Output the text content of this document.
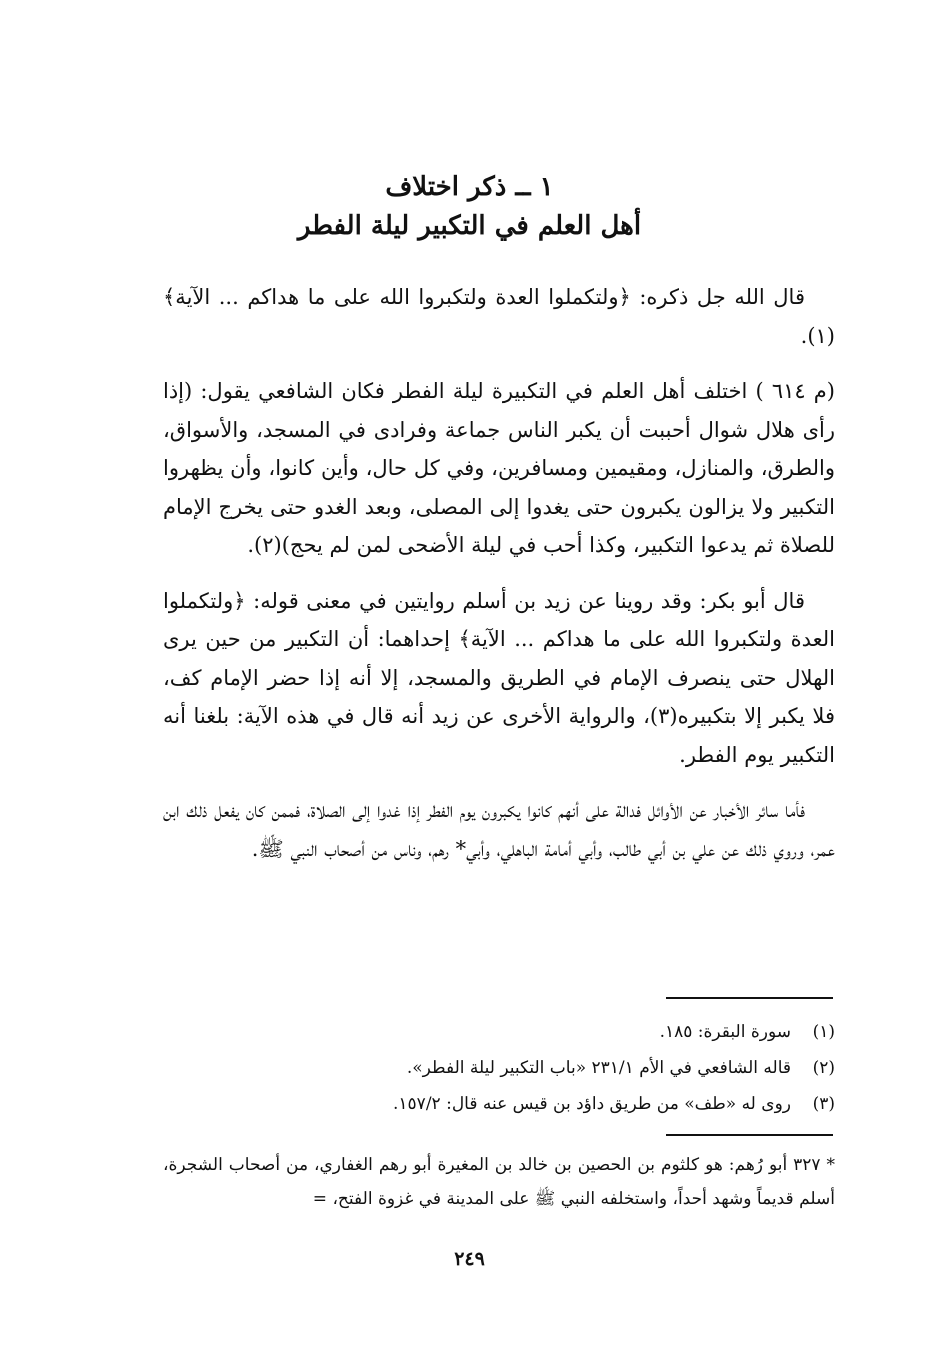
١ ــ ذكر اختلاف
أهل العلم في التكبير ليلة الفطر

قال الله جل ذكره: ﴿ولتكملوا العدة ولتكبروا الله على ما هداكم ... الآية﴾(١).

(م ٦١٤ ) اختلف أهل العلم في التكبيرة ليلة الفطر فكان الشافعي يقول: (إذا رأى هلال شوال أحببت أن يكبر الناس جماعة وفرادى في المسجد، والأسواق، والطرق، والمنازل، ومقيمين ومسافرين، وفي كل حال، وأين كانوا، وأن يظهروا التكبير ولا يزالون يكبرون حتى يغدوا إلى المصلى، وبعد الغدو حتى يخرج الإمام للصلاة ثم يدعوا التكبير، وكذا أحب في ليلة الأضحى لمن لم يحج)(٢).

قال أبو بكر: وقد روينا عن زيد بن أسلم روايتين في معنى قوله: ﴿ولتكملوا العدة ولتكبروا الله على ما هداكم ... الآية﴾ إحداهما: أن التكبير من حين يرى الهلال حتى ينصرف الإمام في الطريق والمسجد، إلا أنه إذا حضر الإمام كف، فلا يكبر إلا بتكبيره(٣)، والرواية الأخرى عن زيد أنه قال في هذه الآية: بلغنا أنه التكبير يوم الفطر.

فأما سائر الأخبار عن الأوائل فدالة على أنهم كانوا يكبرون يوم الفطر إذا غدوا إلى الصلاة، فممن كان يفعل ذلك ابن عمر، وروي ذلك عن علي بن أبي طالب، وأبي أمامة الباهلي، وأبي* رهم، وناس من أصحاب النبي ﷺ.

(١)
سورة البقرة: ١٨٥.
(٢)
قاله الشافعي في الأم ٢٣١/١ «باب التكبير ليلة الفطر».
(٣)
روى له «طف» من طريق داؤد بن قيس عنه قال: ١٥٧/٢.
* ٣٢٧ أبو رُهم: هو كلثوم بن الحصين بن خالد بن المغيرة أبو رهم الغفاري، من أصحاب الشجرة، أسلم قديماً وشهد أحداً، واستخلفه النبي ﷺ على المدينة في غزوة الفتح، =
٢٤٩
